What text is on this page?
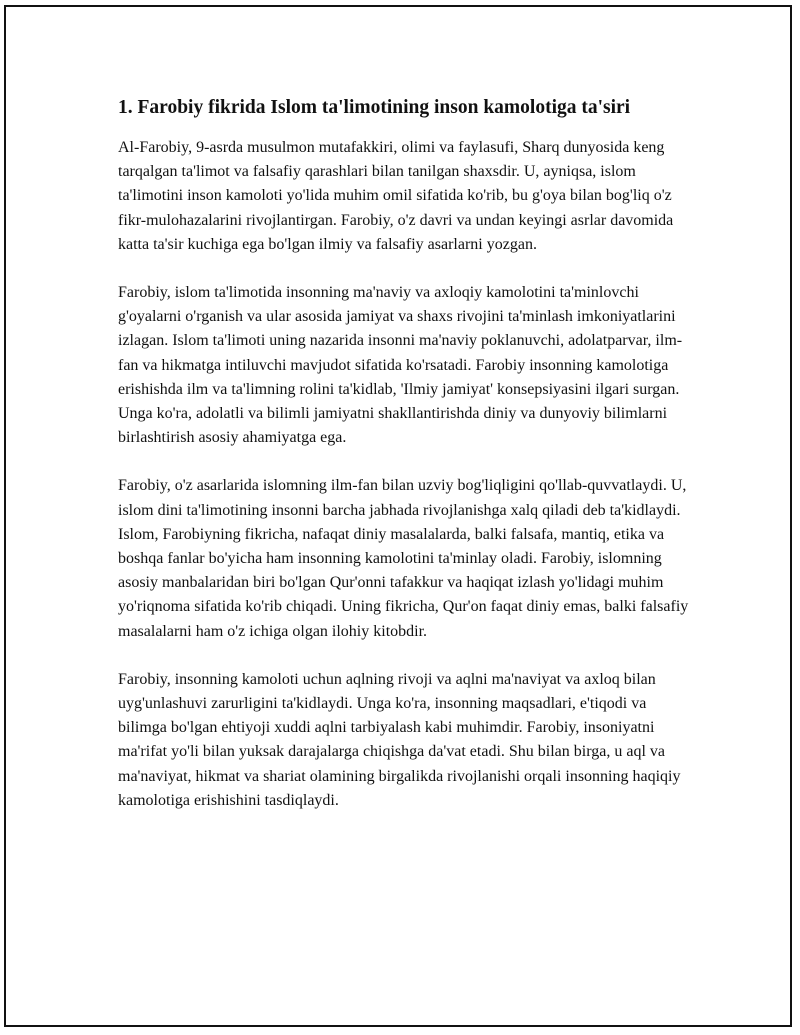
1. Farobiy fikrida Islom ta'limotining inson kamolotiga ta'siri

Al-Farobiy, 9-asrda musulmon mutafakkiri, olimi va faylasufi, Sharq dunyosida keng tarqalgan ta'limot va falsafiy qarashlari bilan tanilgan shaxsdir. U, ayniqsa, islom ta'limotini inson kamoloti yo'lida muhim omil sifatida ko'rib, bu g'oya bilan bog'liq o'z fikr-mulohazalarini rivojlantirgan. Farobiy, o'z davri va undan keyingi asrlar davomida katta ta'sir kuchiga ega bo'lgan ilmiy va falsafiy asarlarni yozgan.

Farobiy, islom ta'limotida insonning ma'naviy va axloqiy kamolotini ta'minlovchi g'oyalarni o'rganish va ular asosida jamiyat va shaxs rivojini ta'minlash imkoniyatlarini izlagan. Islom ta'limoti uning nazarida insonni ma'naviy poklanuvchi, adolatparvar, ilm-fan va hikmatga intiluvchi mavjudot sifatida ko'rsatadi. Farobiy insonning kamolotiga erishishda ilm va ta'limning rolini ta'kidlab, 'Ilmiy jamiyat' konsepsiyasini ilgari surgan. Unga ko'ra, adolatli va bilimli jamiyatni shakllantirishda diniy va dunyoviy bilimlarni birlashtirish asosiy ahamiyatga ega.

Farobiy, o'z asarlarida islomning ilm-fan bilan uzviy bog'liqligini qo'llab-quvvatlaydi. U, islom dini ta'limotining insonni barcha jabhada rivojlanishga xalq qiladi deb ta'kidlaydi. Islom, Farobiyning fikricha, nafaqat diniy masalalarda, balki falsafa, mantiq, etika va boshqa fanlar bo'yicha ham insonning kamolotini ta'minlay oladi. Farobiy, islomning asosiy manbalaridan biri bo'lgan Qur'onni tafakkur va haqiqat izlash yo'lidagi muhim yo'riqnoma sifatida ko'rib chiqadi. Uning fikricha, Qur'on faqat diniy emas, balki falsafiy masalalarni ham o'z ichiga olgan ilohiy kitobdir.

Farobiy, insonning kamoloti uchun aqlning rivoji va aqlni ma'naviyat va axloq bilan uyg'unlashuvi zarurligini ta'kidlaydi. Unga ko'ra, insonning maqsadlari, e'tiqodi va bilimga bo'lgan ehtiyoji xuddi aqlni tarbiyalash kabi muhimdir. Farobiy, insoniyatni ma'rifat yo'li bilan yuksak darajalarga chiqishga da'vat etadi. Shu bilan birga, u aql va ma'naviyat, hikmat va shariat olamining birgalikda rivojlanishi orqali insonning haqiqiy kamolotiga erishishini tasdiqlaydi.
